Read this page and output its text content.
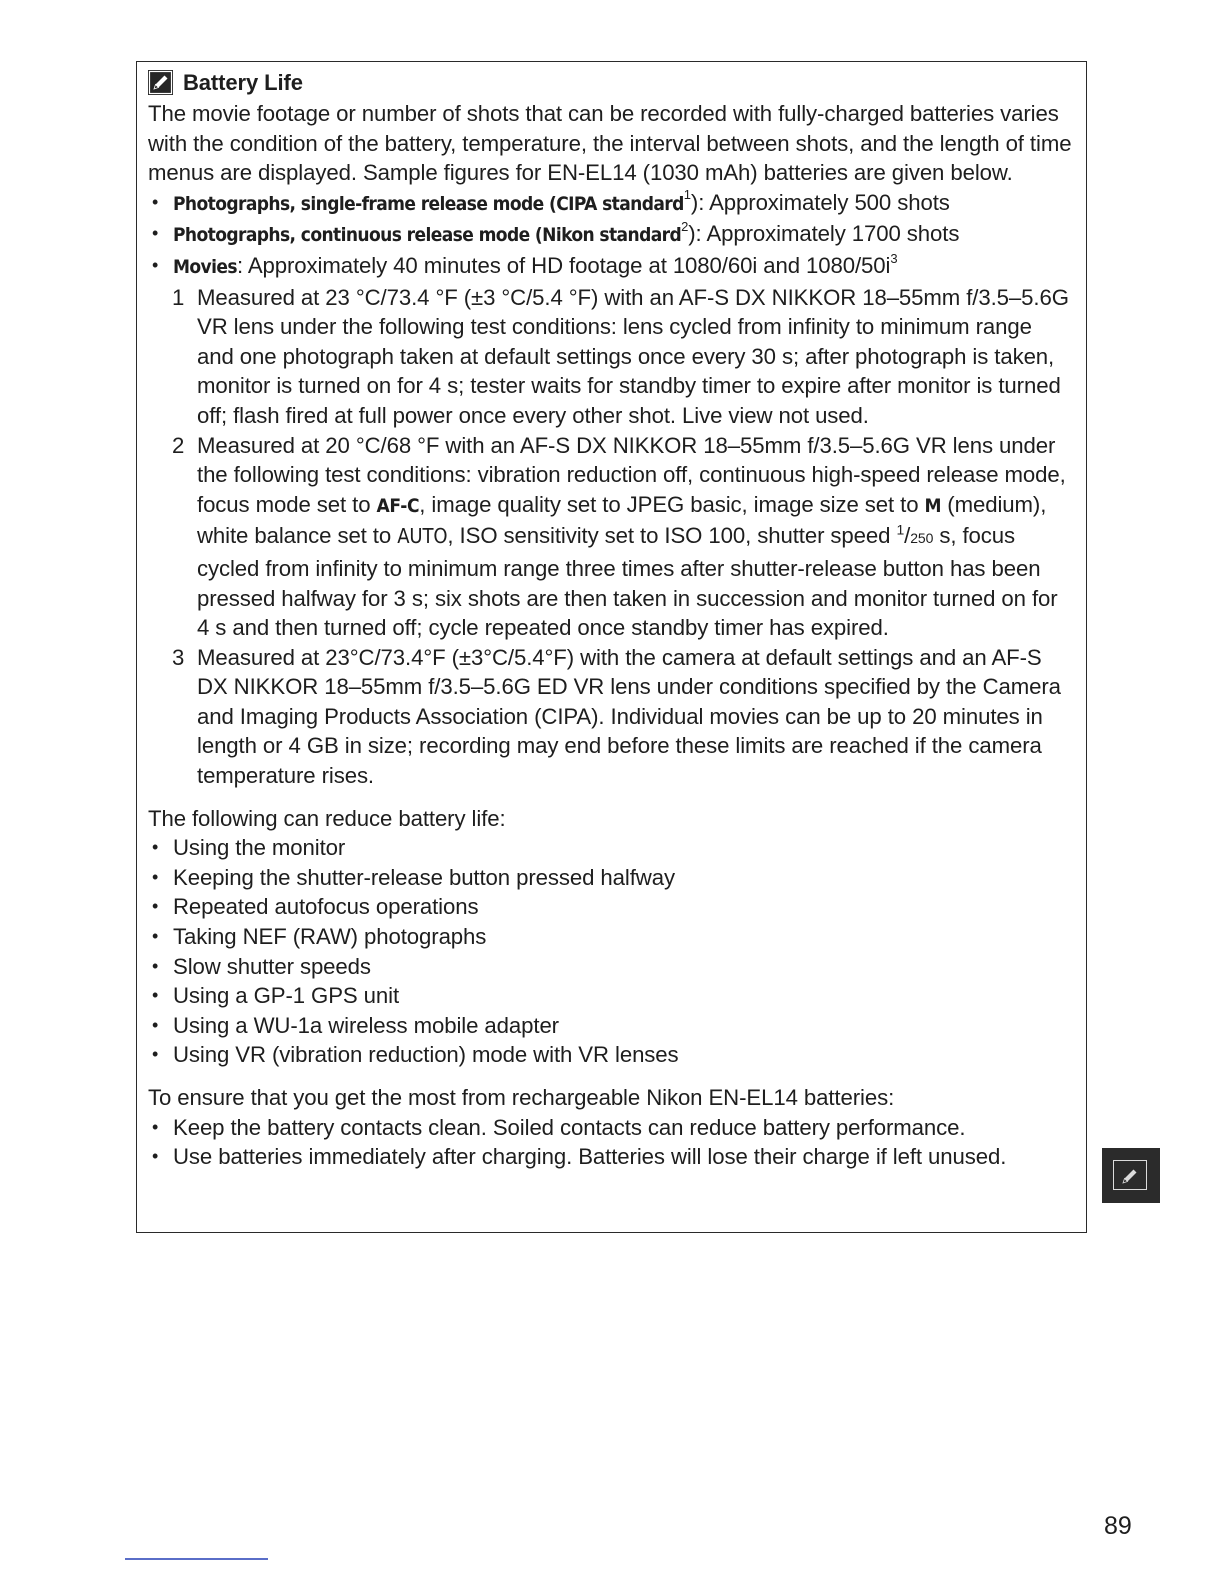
Battery Life

The movie footage or number of shots that can be recorded with fully-charged batteries varies with the condition of the battery, temperature, the interval between shots, and the length of time menus are displayed. Sample figures for EN-EL14 (1030 mAh) batteries are given below.

• Photographs, single-frame release mode (CIPA standard$^1$): Approximately 500 shots
• Photographs, continuous release mode (Nikon standard$^2$): Approximately 1700 shots
• Movies: Approximately 40 minutes of HD footage at 1080/60i and $1080/50i^3$
1 Measured at 23 °C/73.4 °F (±3 °C/5.4 °F) with an AF-S DX NIKKOR 18–55mm f/3.5–5.6G VR lens under the following test conditions: lens cycled from infinity to minimum range and one photograph taken at default settings once every 30 s; after photograph is taken, monitor is turned on for 4 s; tester waits for standby timer to expire after monitor is turned off; flash fired at full power once every other shot. Live view not used.
2 Measured at 20 °C/68 °F with an AF-S DX NIKKOR 18–55mm f/3.5–5.6G VR lens under the following test conditions: vibration reduction off, continuous high-speed release mode, focus mode set to AF-C, image quality set to JPEG basic, image size set to M (medium), white balance set to AUTO, ISO sensitivity set to ISO 100, shutter speed $^1$/250 s, focus cycled from infinity to minimum range three times after shutter-release button has been pressed halfway for 3 s; six shots are then taken in succession and monitor turned on for 4 s and then turned off; cycle repeated once standby timer has expired.
3 Measured at 23°C/73.4°F (±3°C/5.4°F) with the camera at default settings and an AF-S DX NIKKOR 18–55mm f/3.5–5.6G ED VR lens under conditions specified by the Camera and Imaging Products Association (CIPA). Individual movies can be up to 20 minutes in length or 4 GB in size; recording may end before these limits are reached if the camera temperature rises.

The following can reduce battery life:

• Using the monitor
• Keeping the shutter-release button pressed halfway
• Repeated autofocus operations
• Taking NEF (RAW) photographs
• Slow shutter speeds
• Using a GP-1 GPS unit
• Using a WU-1a wireless mobile adapter
• Using VR (vibration reduction) mode with VR lenses

To ensure that you get the most from rechargeable Nikon EN-EL14 batteries:

• Keep the battery contacts clean. Soiled contacts can reduce battery performance.
• Use batteries immediately after charging. Batteries will lose their charge if left unused.
89
